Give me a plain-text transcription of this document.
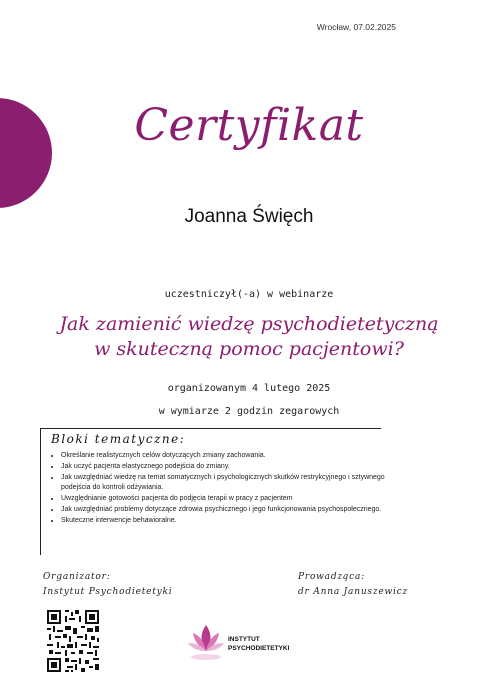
Wrocław, 07.02.2025
Certyfikat
Joanna Święch
uczestniczył(-a) w webinarze
Jak zamienić wiedzę psychodietetyczną
w skuteczną pomoc pacjentowi?
organizowanym 4 lutego 2025
w wymiarze 2 godzin zegarowych
Bloki tematyczne:
• Określanie realistycznych celów dotyczących zmiany zachowania.
• Jak uczyć pacjenta elastycznego podejścia do zmiany.
• Jak uwzględniać wiedzę na temat somatycznych i psychologicznych skutków restrykcyjnego i sztywnego podejścia do kontroli odżywiania.
• Uwzględnianie gotowości pacjenta do podjęcia terapii w pracy z pacjentem
• Jak uwzględniać problemy dotyczące zdrowia psychicznego i jego funkcjonowania psychospołecznego.
• Skuteczne interwencje behawioralne.
Organizator:
Instytut Psychodietetyki
Prowadząca:
dr Anna Januszewicz
INSTYTUT
PSYCHODIETETYKI
